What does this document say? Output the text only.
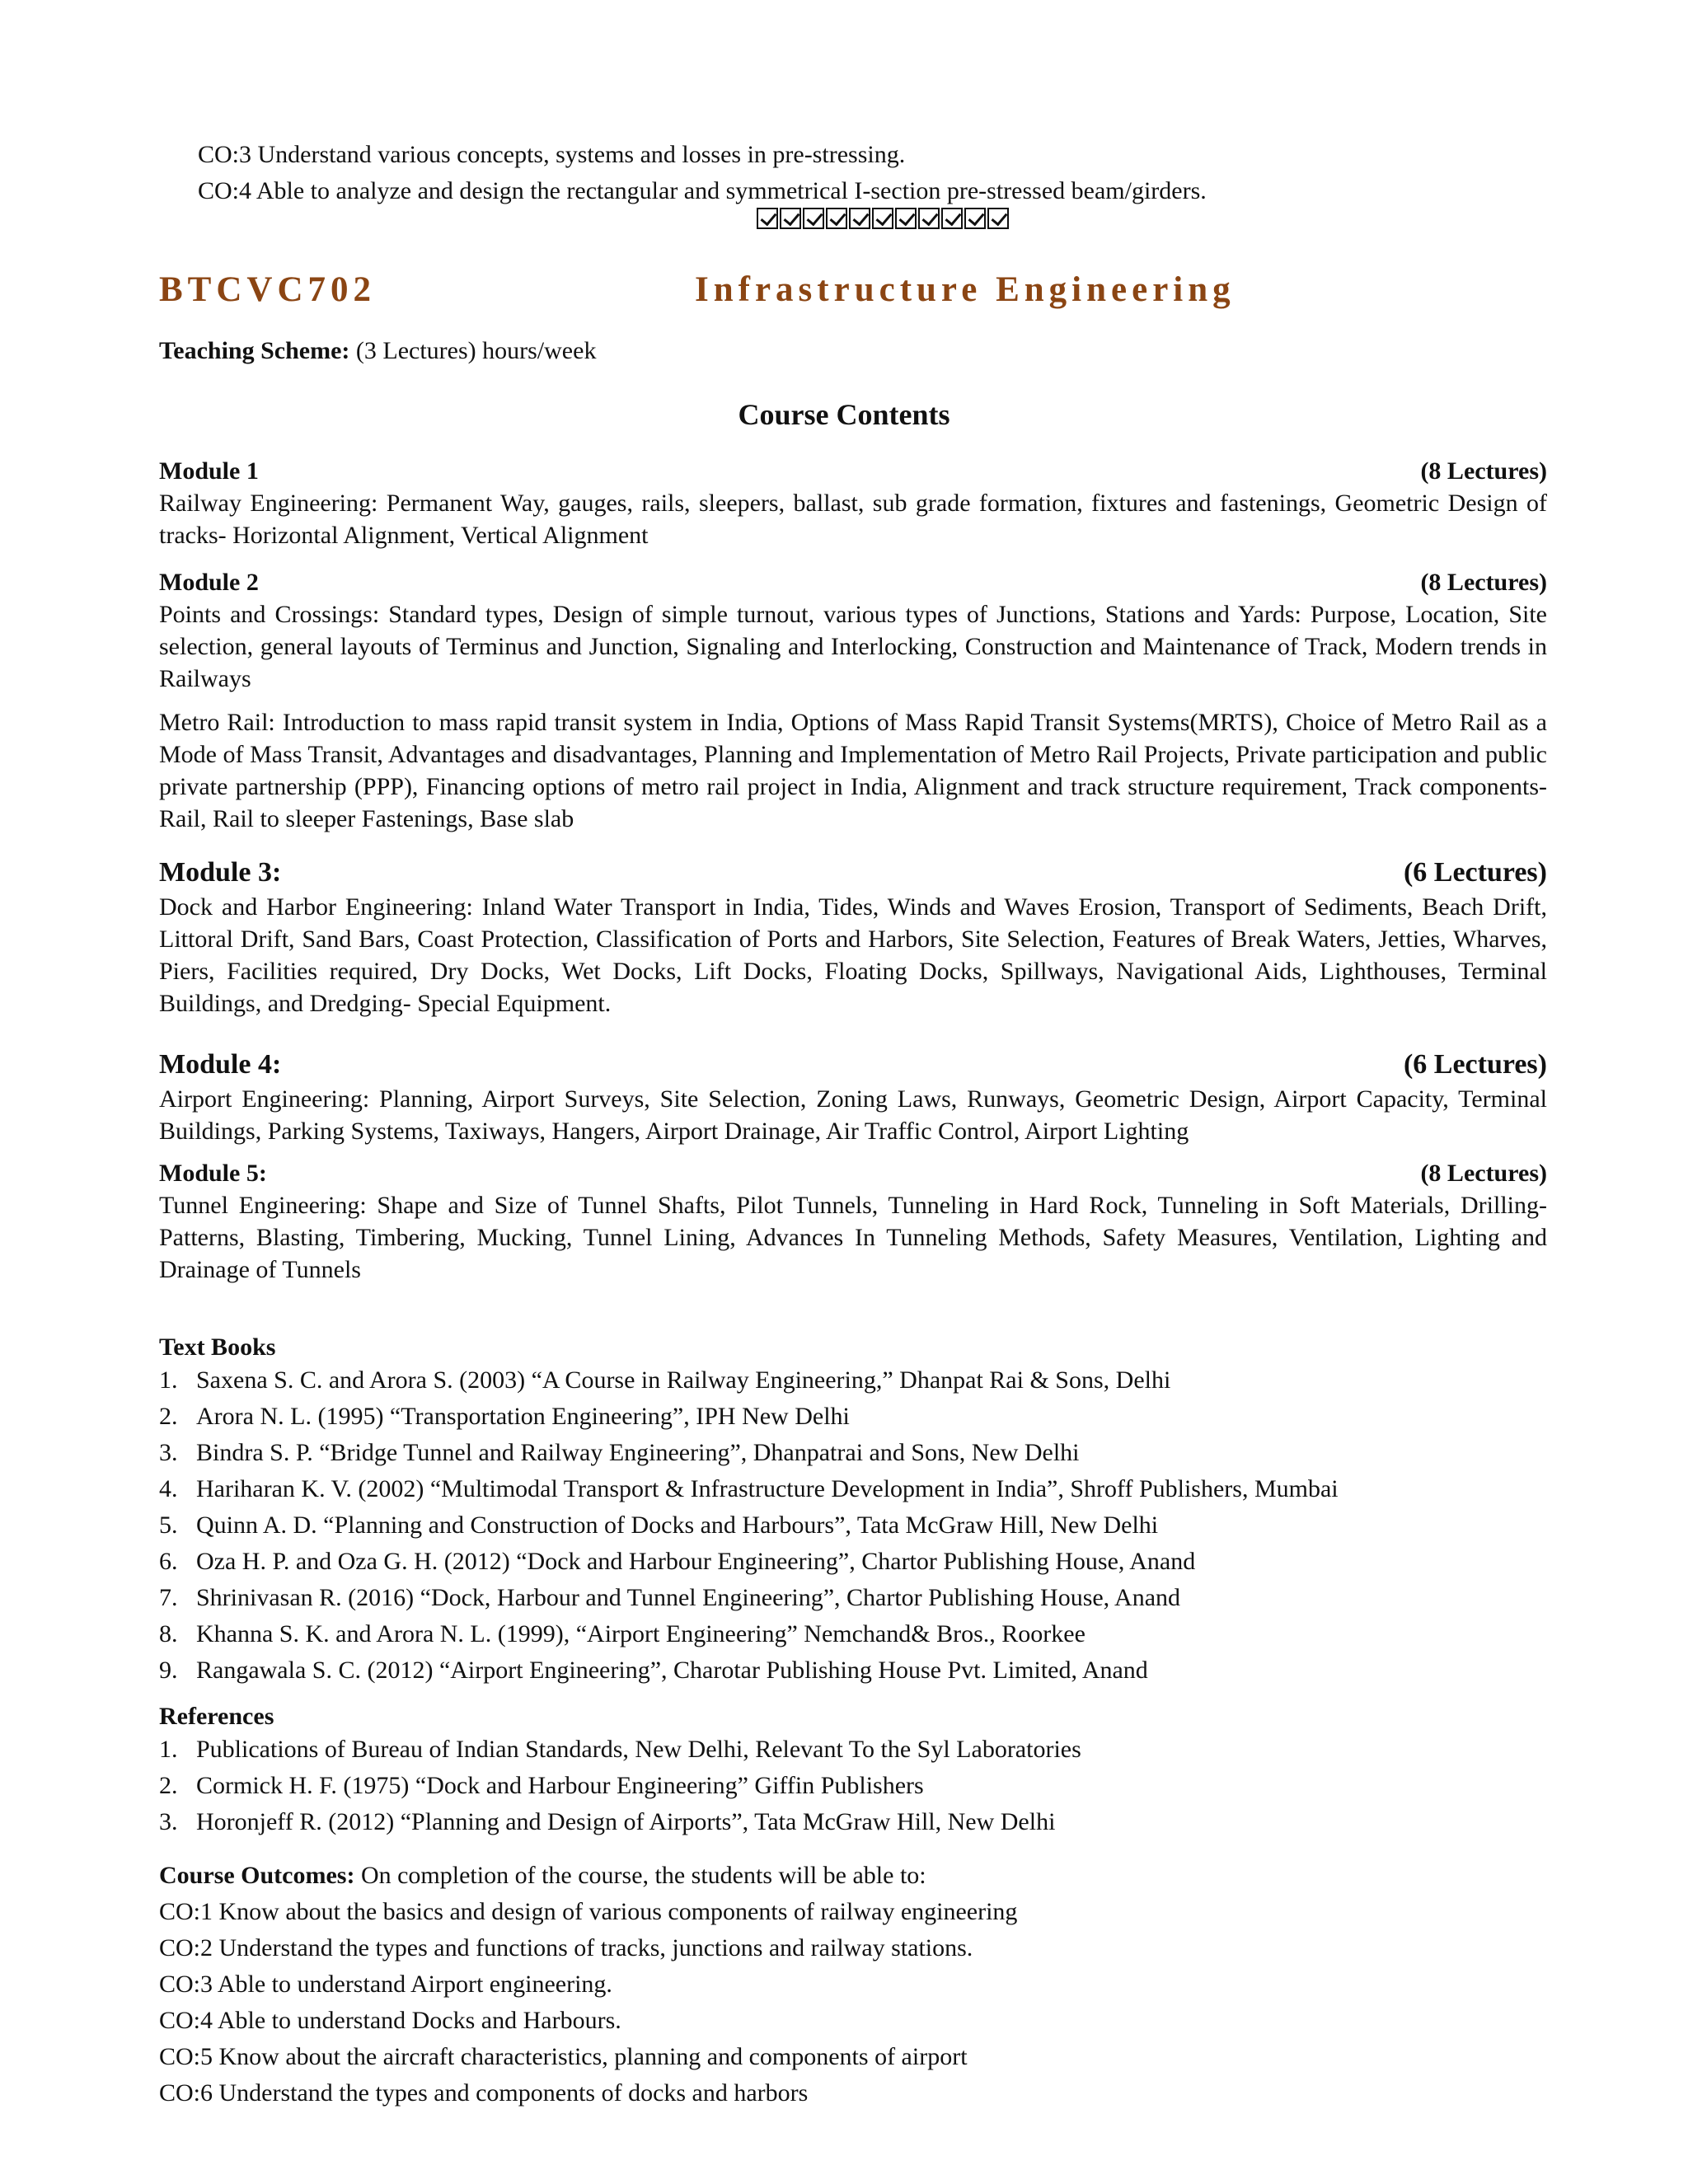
CO:3 Understand various concepts, systems and losses in pre-stressing.
CO:4 Able to analyze and design the rectangular and symmetrical I-section pre-stressed beam/girders.
BTCVC702	Infrastructure Engineering
Teaching Scheme: (3 Lectures) hours/week
Course Contents
Module 1	(8 Lectures)
Railway Engineering: Permanent Way, gauges, rails, sleepers, ballast, sub grade formation, fixtures and fastenings, Geometric Design of tracks- Horizontal Alignment, Vertical Alignment
Module 2	(8 Lectures)
Points and Crossings: Standard types, Design of simple turnout, various types of Junctions, Stations and Yards: Purpose, Location, Site selection, general layouts of Terminus and Junction, Signaling and Interlocking, Construction and Maintenance of Track, Modern trends in Railways
Metro Rail: Introduction to mass rapid transit system in India, Options of Mass Rapid Transit Systems(MRTS), Choice of Metro Rail as a Mode of Mass Transit, Advantages and disadvantages, Planning and Implementation of Metro Rail Projects, Private participation and public private partnership (PPP), Financing options of metro rail project in India, Alignment and track structure requirement, Track components- Rail, Rail to sleeper Fastenings, Base slab
Module 3:	(6 Lectures)
Dock and Harbor Engineering: Inland Water Transport in India, Tides, Winds and Waves Erosion, Transport of Sediments, Beach Drift, Littoral Drift, Sand Bars, Coast Protection, Classification of Ports and Harbors, Site Selection, Features of Break Waters, Jetties, Wharves, Piers, Facilities required, Dry Docks, Wet Docks, Lift Docks, Floating Docks, Spillways, Navigational Aids, Lighthouses, Terminal Buildings, and Dredging- Special Equipment.
Module 4:	(6 Lectures)
Airport Engineering: Planning, Airport Surveys, Site Selection, Zoning Laws, Runways, Geometric Design, Airport Capacity, Terminal Buildings, Parking Systems, Taxiways, Hangers, Airport Drainage, Air Traffic Control, Airport Lighting
Module 5:	(8 Lectures)
Tunnel Engineering: Shape and Size of Tunnel Shafts, Pilot Tunnels, Tunneling in Hard Rock, Tunneling in Soft Materials, Drilling-Patterns, Blasting, Timbering, Mucking, Tunnel Lining, Advances In Tunneling Methods, Safety Measures, Ventilation, Lighting and Drainage of Tunnels
Text Books
1. Saxena S. C. and Arora S. (2003) “A Course in Railway Engineering,” Dhanpat Rai & Sons, Delhi
2. Arora N. L. (1995) “Transportation Engineering”, IPH New Delhi
3. Bindra S. P. “Bridge Tunnel and Railway Engineering”, Dhanpatrai and Sons, New Delhi
4. Hariharan K. V. (2002) “Multimodal Transport & Infrastructure Development in India”, Shroff Publishers, Mumbai
5. Quinn A. D. “Planning and Construction of Docks and Harbours”, Tata McGraw Hill, New Delhi
6. Oza H. P. and Oza G. H. (2012) “Dock and Harbour Engineering”, Chartor Publishing House, Anand
7. Shrinivasan R. (2016) “Dock, Harbour and Tunnel Engineering”, Chartor Publishing House, Anand
8. Khanna S. K. and Arora N. L. (1999), “Airport Engineering” Nemchand& Bros., Roorkee
9. Rangawala S. C. (2012) “Airport Engineering”, Charotar Publishing House Pvt. Limited, Anand
References
1. Publications of Bureau of Indian Standards, New Delhi, Relevant To the Syl Laboratories
2. Cormick H. F. (1975) “Dock and Harbour Engineering” Giffin Publishers
3. Horonjeff R. (2012) “Planning and Design of Airports”, Tata McGraw Hill, New Delhi
Course Outcomes: On completion of the course, the students will be able to:
CO:1 Know about the basics and design of various components of railway engineering
CO:2 Understand the types and functions of tracks, junctions and railway stations.
CO:3 Able to understand Airport engineering.
CO:4 Able to understand Docks and Harbours.
CO:5 Know about the aircraft characteristics, planning and components of airport
CO:6 Understand the types and components of docks and harbors
